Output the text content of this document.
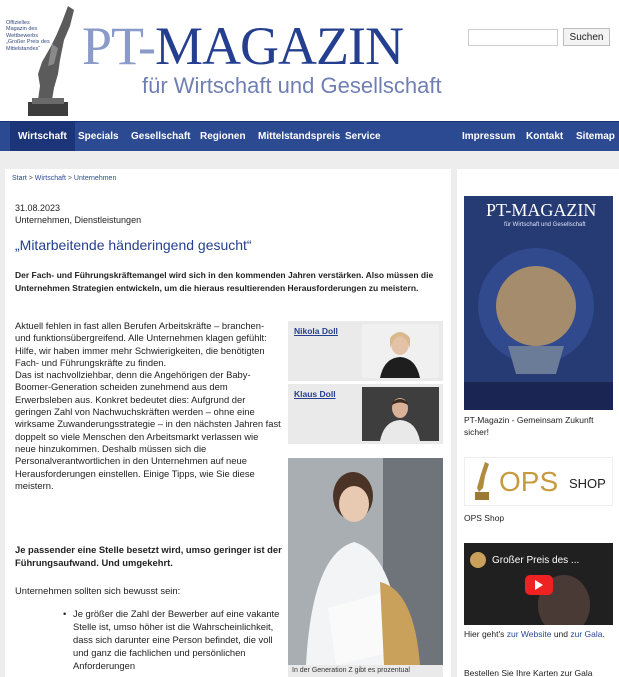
Offizielles Magazin des Wettbewerbs „Großer Preis des Mittelstandes“ PT-MAGAZIN
für Wirtschaft und Gesellschaft
Suchen
Wirtschaft	Specials Gesellschaft Regionen Mittelstandspreis Service	Impressum Kontakt Sitemap
Start > Wirtschaft > Unternehmen
31.08.2023
Unternehmen, Dienstleistungen
„Mitarbeitende händeringend gesucht“

Der Fach- und Führungskräftemangel wird sich in den kommenden Jahren verstärken. Also müssen die Unternehmen Strategien entwickeln, um die hieraus resultierenden Herausforderungen zu meistern.

Aktuell fehlen in fast allen Berufen Arbeitskräfte – branchen- und funktionsübergreifend. Alle Unternehmen klagen gefühlt: Hilfe, wir haben immer mehr Schwierigkeiten, die benötigten Fach- und Führungskräfte zu finden.

Das ist nachvollziehbar, denn die Angehörigen der Baby-Boomer-Generation scheiden zunehmend aus dem Erwerbsleben aus. Konkret bedeutet dies: Aufgrund der geringen Zahl von Nachwuchskräften werden – ohne eine wirksame Zuwanderungsstrategie – in den nächsten Jahren fast doppelt so viele Menschen den Arbeitsmarkt verlassen wie neue hinzukommen. Deshalb müssen sich die Personalverantwortlichen in den Unternehmen auf neue Herausforderungen einstellen. Einige Tipps, wie Sie diese meistern.

Je passender eine Stelle besetzt wird, umso geringer ist der Führungsaufwand. Und umgekehrt.

Unternehmen sollten sich bewusst sein:

• Je größer die Zahl der Bewerber auf eine vakante Stelle ist, umso höher ist die Wahrscheinlichkeit, dass sich darunter eine Person befindet, die voll und ganz die fachlichen und persönlichen Anforderungen
Nikola Doll
Klaus Doll
In der Generation Z gibt es prozentual
PT-MAGAZIN
für Wirtschaft und Gesellschaft
PT-Magazin - Gemeinsam Zukunft sicher!
OPS SHOP
OPS Shop
Großer Preis des ...
Hier geht's zur Website und zur Gala.
Bestellen Sie Ihre Karten zur Gala
